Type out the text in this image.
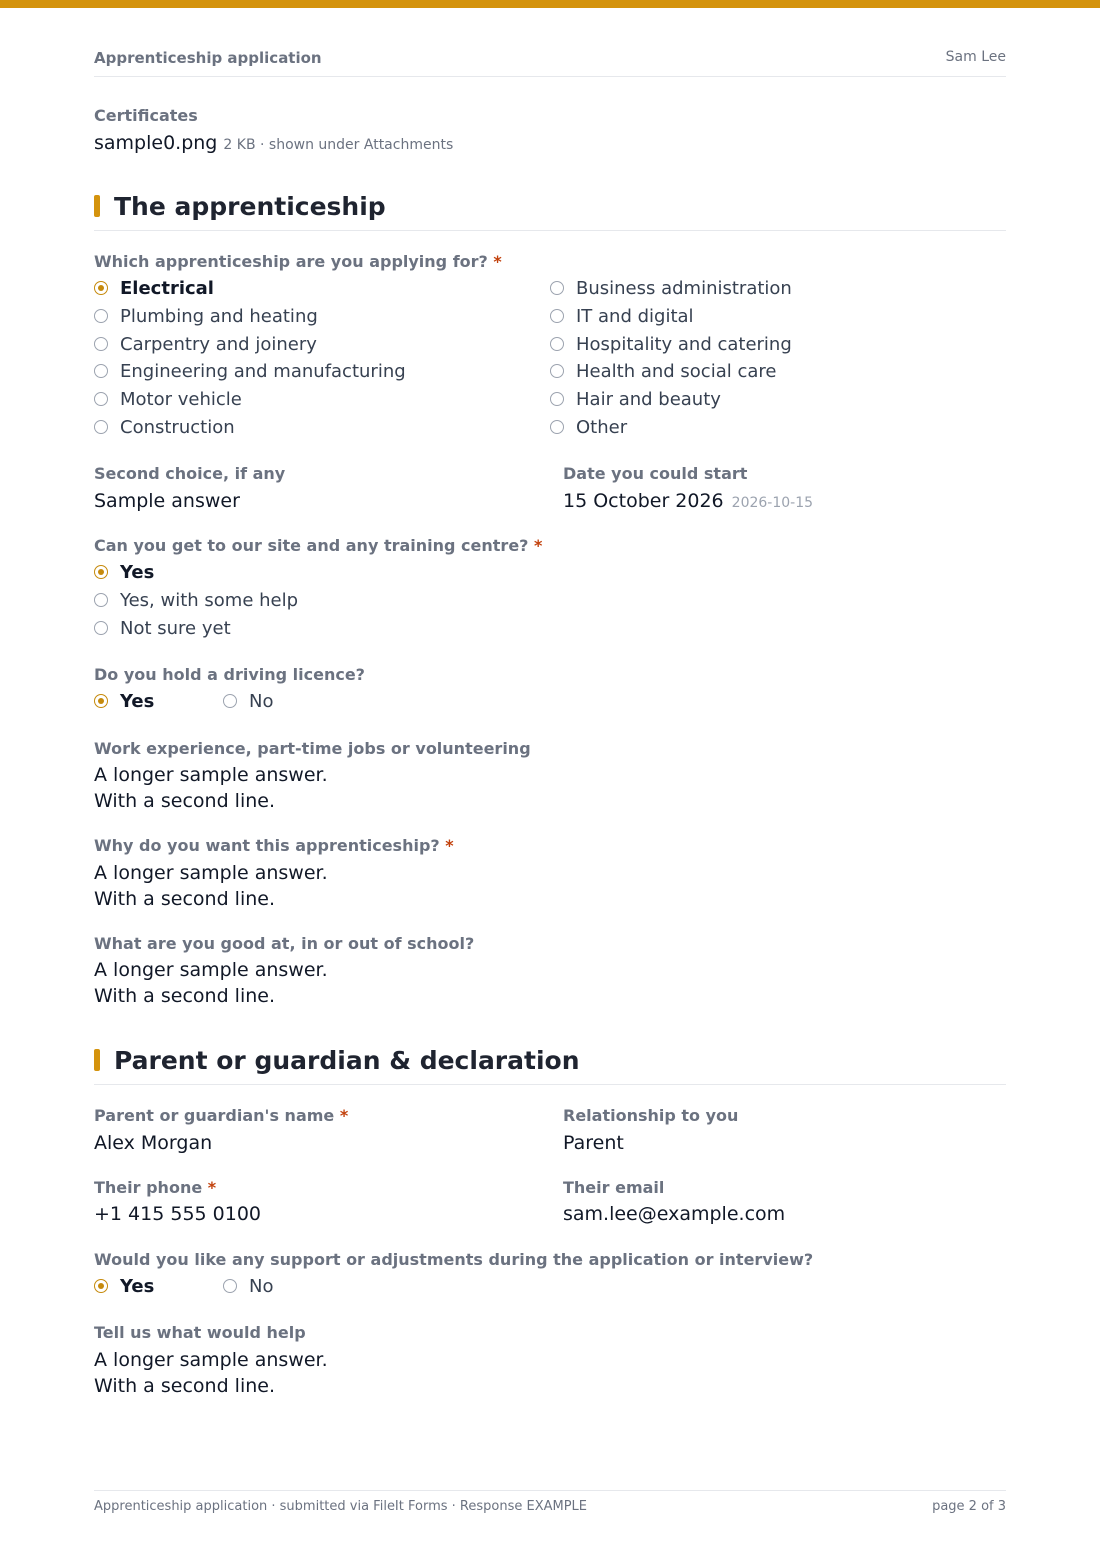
Apprenticeship application	Sam Lee
Certificates
sample0.png 2 KB · shown under Attachments
The apprenticeship
Which apprenticeship are you applying for? *
Electrical
Plumbing and heating
Carpentry and joinery
Engineering and manufacturing
Motor vehicle
Construction
Business administration
IT and digital
Hospitality and catering
Health and social care
Hair and beauty
Other
Second choice, if any
Sample answer
Date you could start
15 October 2026 2026-10-15
Can you get to our site and any training centre? *
Yes
Yes, with some help
Not sure yet
Do you hold a driving licence?
Yes	No
Work experience, part-time jobs or volunteering
A longer sample answer.
With a second line.
Why do you want this apprenticeship? *
A longer sample answer.
With a second line.
What are you good at, in or out of school?
A longer sample answer.
With a second line.
Parent or guardian & declaration
Parent or guardian's name *
Alex Morgan
Relationship to you
Parent
Their phone *
+1 415 555 0100
Their email
sam.lee@example.com
Would you like any support or adjustments during the application or interview?
Yes	No
Tell us what would help
A longer sample answer.
With a second line.
Apprenticeship application · submitted via FileIt Forms · Response EXAMPLE	page 2 of 3
